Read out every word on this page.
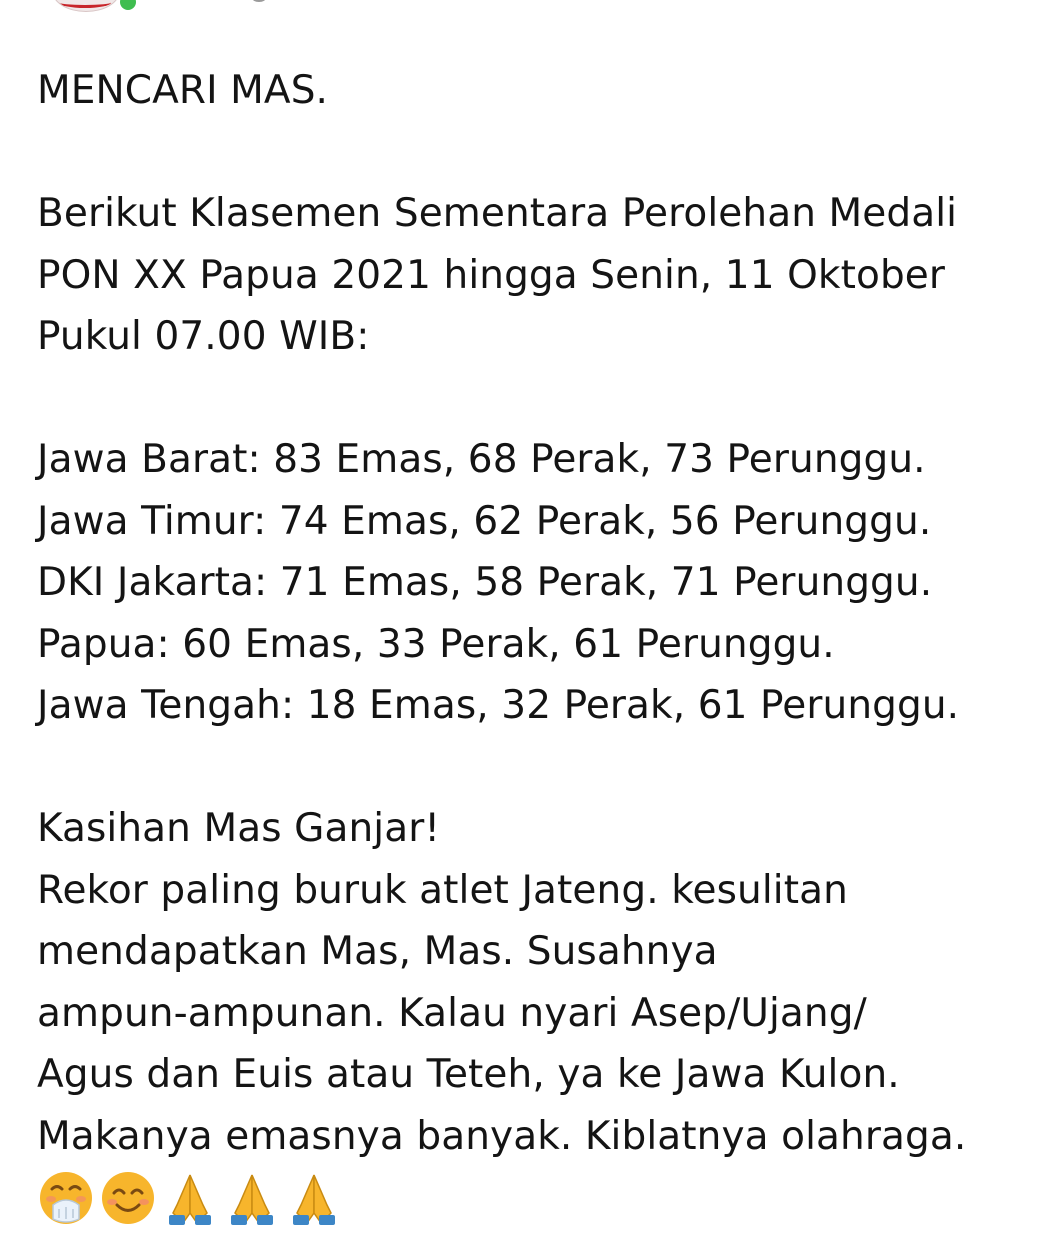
MENCARI MAS.
Berikut Klasemen Sementara Perolehan Medali
PON XX Papua 2021 hingga Senin, 11 Oktober
Pukul 07.00 WIB:
Jawa Barat: 83 Emas, 68 Perak, 73 Perunggu.
Jawa Timur: 74 Emas, 62 Perak, 56 Perunggu.
DKI Jakarta: 71 Emas, 58 Perak, 71 Perunggu.
Papua: 60 Emas, 33 Perak, 61 Perunggu.
Jawa Tengah: 18 Emas, 32 Perak, 61 Perunggu.
Kasihan Mas Ganjar!
Rekor paling buruk atlet Jateng. kesulitan
mendapatkan Mas, Mas. Susahnya
ampun-ampunan. Kalau nyari Asep/Ujang/
Agus dan Euis atau Teteh, ya ke Jawa Kulon.
Makanya emasnya banyak. Kiblatnya olahraga.
